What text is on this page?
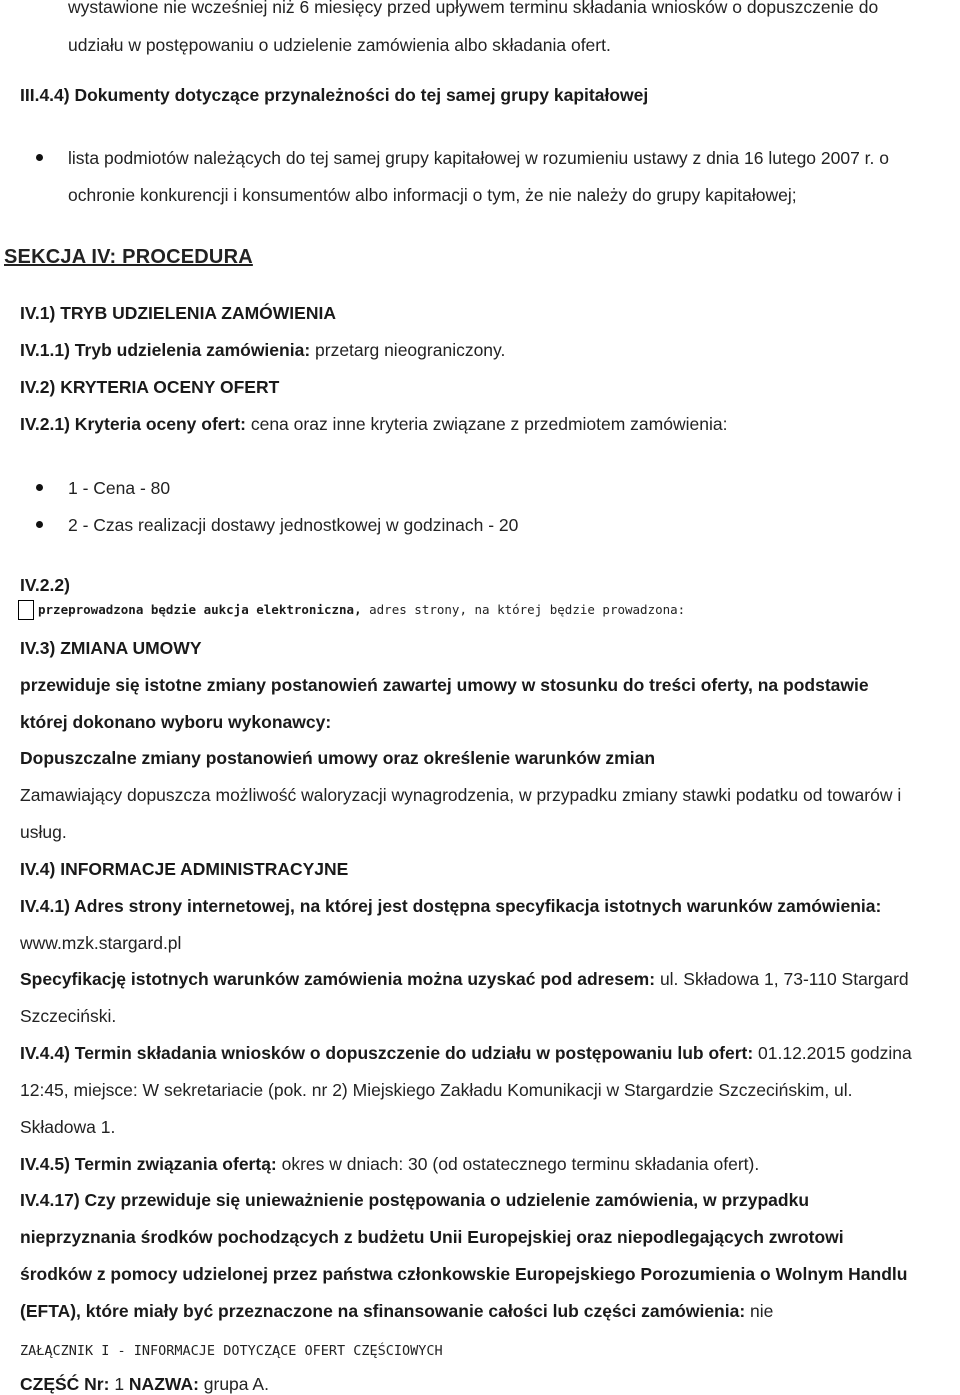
wystawione nie wcześniej niż 6 miesięcy przed upływem terminu składania wniosków o dopuszczenie do
udziału w postępowaniu o udzielenie zamówienia albo składania ofert.
III.4.4) Dokumenty dotyczące przynależności do tej samej grupy kapitałowej
lista podmiotów należących do tej samej grupy kapitałowej w rozumieniu ustawy z dnia 16 lutego 2007 r. o
ochronie konkurencji i konsumentów albo informacji o tym, że nie należy do grupy kapitałowej;
SEKCJA IV: PROCEDURA
IV.1) TRYB UDZIELENIA ZAMÓWIENIA
IV.1.1) Tryb udzielenia zamówienia: przetarg nieograniczony.
IV.2) KRYTERIA OCENY OFERT
IV.2.1) Kryteria oceny ofert: cena oraz inne kryteria związane z przedmiotem zamówienia:
1 - Cena - 80
2 - Czas realizacji dostawy jednostkowej w godzinach - 20
IV.2.2)
przeprowadzona będzie aukcja elektroniczna, adres strony, na której będzie prowadzona:
IV.3) ZMIANA UMOWY
przewiduje się istotne zmiany postanowień zawartej umowy w stosunku do treści oferty, na podstawie
której dokonano wyboru wykonawcy:
Dopuszczalne zmiany postanowień umowy oraz określenie warunków zmian
Zamawiający dopuszcza możliwość waloryzacji wynagrodzenia, w przypadku zmiany stawki podatku od towarów i
usług.
IV.4) INFORMACJE ADMINISTRACYJNE
IV.4.1) Adres strony internetowej, na której jest dostępna specyfikacja istotnych warunków zamówienia:
www.mzk.stargard.pl
Specyfikację istotnych warunków zamówienia można uzyskać pod adresem: ul. Składowa 1, 73-110 Stargard
Szczeciński.
IV.4.4) Termin składania wniosków o dopuszczenie do udziału w postępowaniu lub ofert: 01.12.2015 godzina
12:45, miejsce: W sekretariacie (pok. nr 2) Miejskiego Zakładu Komunikacji w Stargardzie Szczecińskim, ul.
Składowa 1.
IV.4.5) Termin związania ofertą: okres w dniach: 30 (od ostatecznego terminu składania ofert).
IV.4.17) Czy przewiduje się unieważnienie postępowania o udzielenie zamówienia, w przypadku
nieprzyznania środków pochodzących z budżetu Unii Europejskiej oraz niepodlegających zwrotowi
środków z pomocy udzielonej przez państwa członkowskie Europejskiego Porozumienia o Wolnym Handlu
(EFTA), które miały być przeznaczone na sfinansowanie całości lub części zamówienia: nie
ZAŁĄCZNIK I - INFORMACJE DOTYCZĄCE OFERT CZĘŚCIOWYCH
CZĘŚĆ Nr: 1 NAZWA: grupa A.
